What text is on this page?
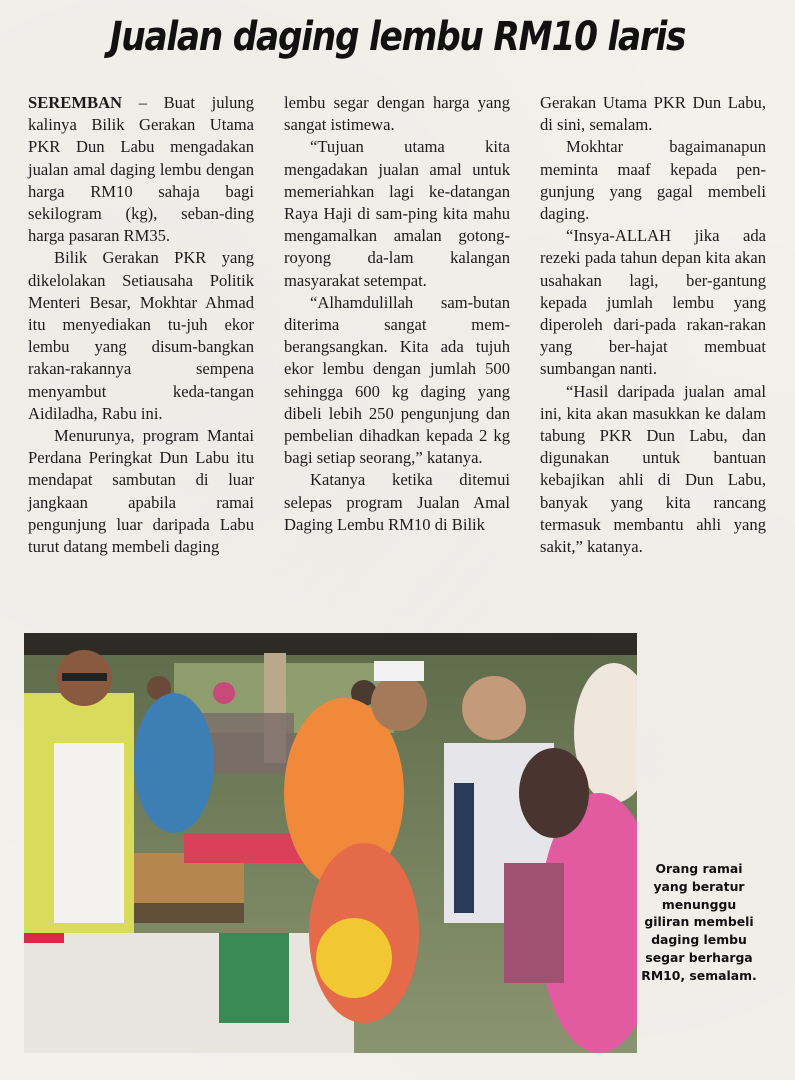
Jualan daging lembu RM10 laris

SEREMBAN – Buat julung kalinya Bilik Gerakan Utama PKR Dun Labu mengadakan jualan amal daging lembu dengan harga RM10 sahaja bagi sekilogram (kg), seban-ding harga pasaran RM35.

Bilik Gerakan PKR yang dikelolakan Setiausaha Politik Menteri Besar, Mokhtar Ahmad itu menyediakan tu-juh ekor lembu yang disum-bangkan rakan-rakannya sempena menyambut keda-tangan Aidiladha, Rabu ini.

Menurunya, program Mantai Perdana Peringkat Dun Labu itu mendapat sambutan di luar jangkaan apabila ramai pengunjung luar daripada Labu turut datang membeli daging

lembu segar dengan harga yang sangat istimewa.

“Tujuan utama kita mengadakan jualan amal untuk memeriahkan lagi ke-datangan Raya Haji di sam-ping kita mahu mengamalkan amalan gotong-royong da-lam kalangan masyarakat setempat.

“Alhamdulillah sam-butan diterima sangat mem-berangsangkan. Kita ada tujuh ekor lembu dengan jumlah 500 sehingga 600 kg daging yang dibeli lebih 250 pengunjung dan pembelian dihadkan kepada 2 kg bagi setiap seorang,” katanya.

Katanya ketika ditemui selepas program Jualan Amal Daging Lembu RM10 di Bilik

Gerakan Utama PKR Dun Labu, di sini, semalam.

Mokhtar bagaimanapun meminta maaf kepada pen-gunjung yang gagal membeli daging.

“Insya-ALLAH jika ada rezeki pada tahun depan kita akan usahakan lagi, ber-gantung kepada jumlah lembu yang diperoleh dari-pada rakan-rakan yang ber-hajat membuat sumbangan nanti.

“Hasil daripada jualan amal ini, kita akan masukkan ke dalam tabung PKR Dun Labu, dan digunakan untuk bantuan kebajikan ahli di Dun Labu, banyak yang kita rancang termasuk membantu ahli yang sakit,” katanya.

Orang ramai yang beratur menunggu giliran membeli daging lembu segar berharga RM10, semalam.
